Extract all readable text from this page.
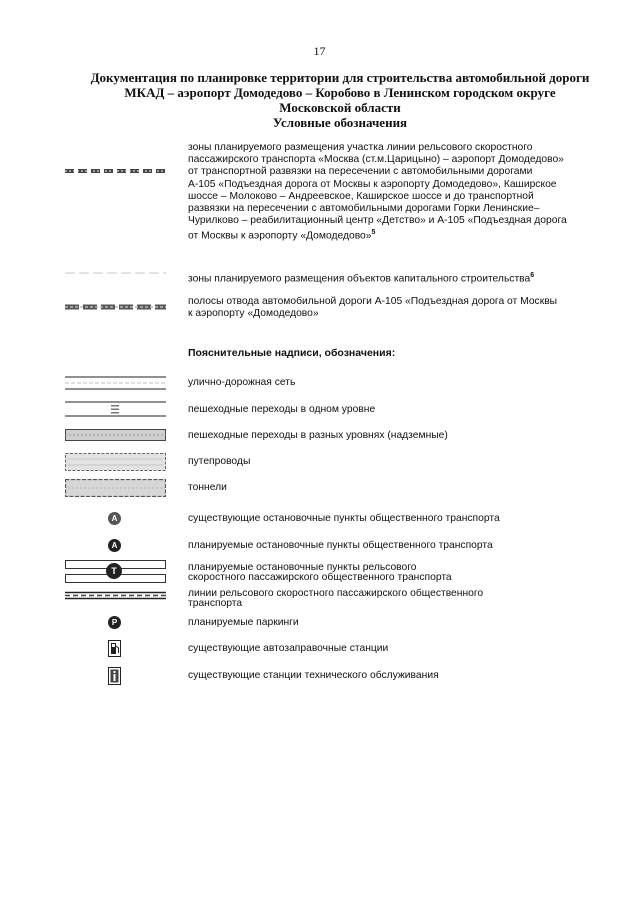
17
Документация по планировке территории для строительства автомобильной дороги
МКАД – аэропорт Домодедово – Коробово в Ленинском городском округе
Московской области
Условные обозначения
зоны планируемого размещения участка линии рельсового скоростного
пассажирского транспорта «Москва (ст.м.Царицыно) – аэропорт Домодедово»
от транспортной развязки на пересечении с автомобильными дорогами
А-105 «Подъездная дорога от Москвы к аэропорту Домодедово», Каширское
шоссе – Молоково – Андреевское, Каширское шоссе и до транспортной
развязки на пересечении с автомобильными дорогами Горки Ленинские–
Чурилково – реабилитационный центр «Детство» и А-105 «Подъездная дорога
от Москвы к аэропорту «Домодедово»$^5$
зоны планируемого размещения объектов капитального строительства$^6$
полосы отвода автомобильной дороги А-105 «Подъездная дорога от Москвы
к аэропорту «Домодедово»
Пояснительные надписи, обозначения:
улично-дорожная сеть
пешеходные переходы в одном уровне
пешеходные переходы в разных уровнях (надземные)
путепроводы
тоннели
A	существующие остановочные пункты общественного транспорта
A	планируемые остановочные пункты общественного транспорта
T	планируемые остановочные пункты рельсового
скоростного пассажирского общественного транспорта
линии рельсового скоростного пассажирского общественного
транспорта
P	планируемые паркинги
существующие автозаправочные станции
существующие станции технического обслуживания
